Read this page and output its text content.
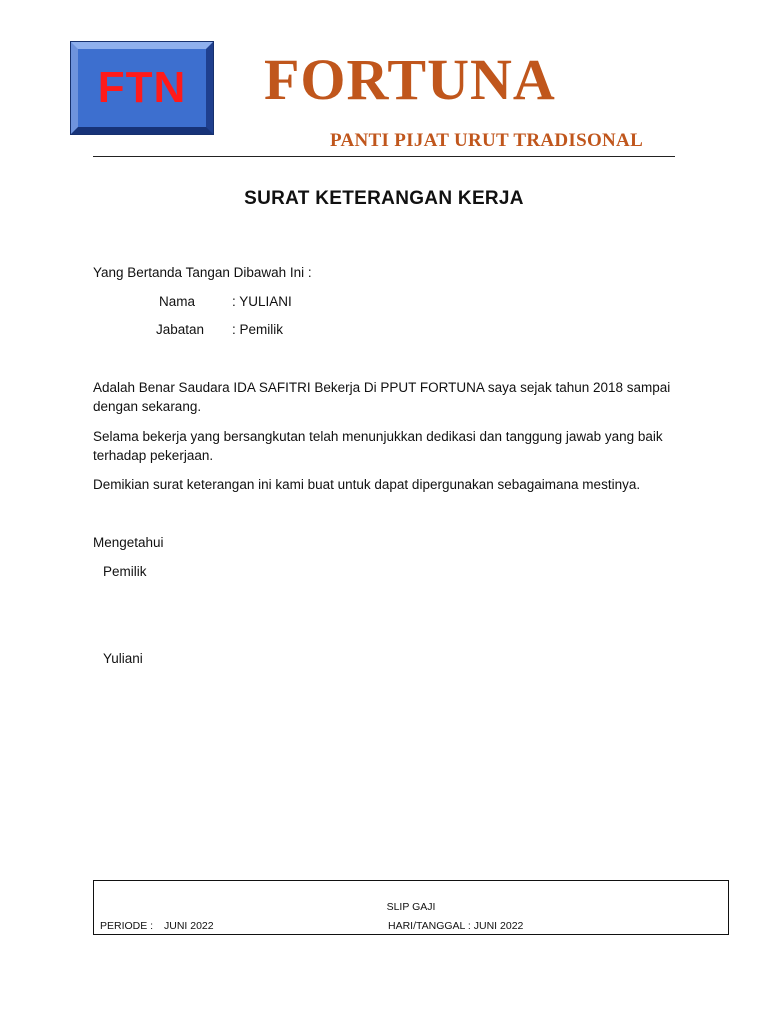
FTN FORTUNA
PANTI PIJAT URUT TRADISONAL
SURAT KETERANGAN KERJA
Yang Bertanda Tangan Dibawah Ini :
Nama	: YULIANI
Jabatan : Pemilik
Adalah Benar Saudara IDA SAFITRI Bekerja Di PPUT FORTUNA saya sejak tahun 2018 sampai dengan sekarang.
Selama bekerja yang bersangkutan telah menunjukkan dedikasi dan tanggung jawab yang baik terhadap pekerjaan.
Demikian surat keterangan ini kami buat untuk dapat dipergunakan sebagaimana mestinya.
Mengetahui
Pemilik
Yuliani
SLIP GAJI
PERIODE : JUNI 2022	HARI/TANGGAL : JUNI 2022
